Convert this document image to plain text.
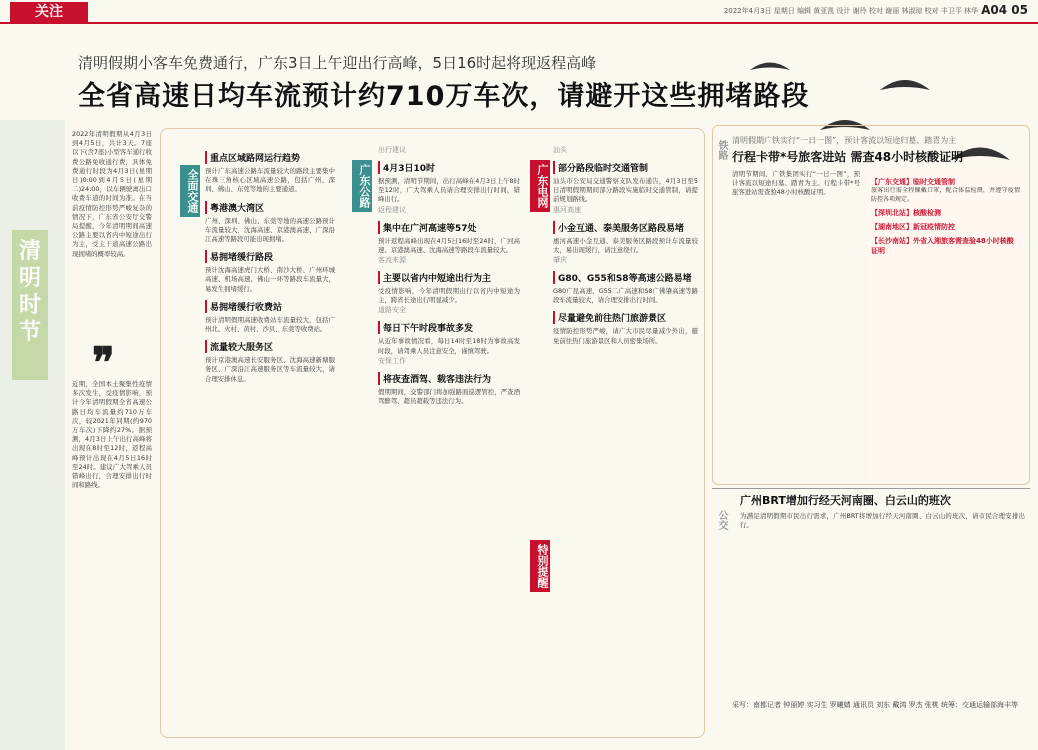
关注	2022年4月3日 星期日 编辑 黄亚凯 设计 谢玲 校对 谢丽 林淑琼 校对 丰卫平 林华 A04 05
清明假期小客车免费通行，广东3日上午迎出行高峰，5日16时起将现返程高峰
全省高速日均车流预计约710万车次，请避开这些拥堵路段
清
明
时
节
2022年清明假期从4月3日到4月5日，共计3天。7座以下(含7座)小型客车通行收费公路免收通行费，具体免费通行时段为4月3日(星期日)0:00到4月5日(星期二)24:00，以车辆驶离出口收费车道的时间为准。在当前疫情防控形势严峻复杂的情况下，广东省公安厅交警局提醒，今年清明期间高速公路主要以省内中短途出行为主，受主干道高速公路出现拥堵的概率较高。
❞
近期，全国本土聚集性疫情多次发生，受疫情影响，预计今年清明假期全省高速公路日均车流量约710万车次，较2021年同期(约970万车次)下降约27%。据预测，4月3日上午出行高峰将出现在8时至12时，返程高峰预计出现在4月5日16时至24时。建议广大驾乘人员错峰出行，合理安排出行时间和路线。
全面交通	广东公路	广东电网
特别提醒
重点区域路网运行趋势
预计广东高速公路车流量较大的路段主要集中在珠三角核心区域高速公路，包括广州、深圳、佛山、东莞等地的主要通道。
粤港澳大湾区
广州、深圳、佛山、东莞等地的高速公路预计车流量较大，沈海高速、京港澳高速、广深沿江高速等路段可能出现拥堵。
易拥堵缓行路段
预计沈海高速虎门大桥、南沙大桥、广州环城高速、机场高速、佛山一环等路段车流量大，易发生拥堵缓行。
易拥堵缓行收费站
预计清明假期高速收费站车流量较大，包括广州北、火村、黄村、沙贝、东莞等收费站。
流量较大服务区
预计京港澳高速长安服务区、沈海高速新塘服务区、广深沿江高速服务区等车流量较大，请合理安排休息。
出行建议
4月3日10时
据预测，清明节期间，出行高峰在4月3日上午8时至12时，广大驾乘人员请合理安排出行时间，错峰出行。
返程建议
集中在广河高速等57处
预计返程高峰出现在4月5日16时至24时，广河高速、京港澳高速、沈海高速等路段车流量较大。
客流来源
主要以省内中短途出行为主
受疫情影响，今年清明假期出行以省内中短途为主，跨省长途出行明显减少。
道路安全
每日下午时段事故多发
从近年事故情况看，每日14时至18时为事故高发时段，请驾乘人员注意安全，谨慎驾驶。
安保工作
将夜查酒驾、载客违法行为
假期期间，交警部门将加强路面巡逻管控，严查酒驾醉驾、超员超载等违法行为。
汕头
部分路段临时交通管制
汕头市公安局交通警察支队发布通告，4月3日至5日清明假期期间部分路段实施临时交通管制，请提前规划路线。
惠河高速
小金互通、泰美服务区路段易堵
惠河高速小金互通、泰美服务区路段预计车流量较大，易出现缓行，请注意绕行。
肇庆
G80、G55和S8等高速公路易堵
G80广昆高速、G55二广高速和S8广佛肇高速等路段车流量较大，请合理安排出行时间。
尽量避免前往热门旅游景区
疫情防控形势严峻，请广大市民尽量减少外出，避免前往热门旅游景区和人员密集场所。
铁路 清明假期广铁实行“一日一图”，预计客流以短途归墓、踏青为主
行程卡带*号旅客进站 需查48小时核酸证明
清明节期间，广铁集团实行“一日一图”，预计客流以短途归墓、踏青为主。行程卡带*号旅客进站需查验48小时核酸证明。
【广东交通】临时交通管制
旅客出行需全程佩戴口罩，配合体温检测，并遵守疫情防控各项规定。
【深圳北站】核酸检测
【湖南地区】新冠疫情防控
【长沙南站】外省入湘旅客需查验48小时核酸证明
公交
广州BRT增加行经天河南圈、白云山的班次
为满足清明假期市民出行需求，广州BRT将增加行经天河南圈、白云山的班次，请市民合理安排出行。
采写：南都记者 钟丽婷 实习生 罗曦婧 通讯员 刘东 戴鸿 罗杰 张桃 统筹：交通运输部海丰等
